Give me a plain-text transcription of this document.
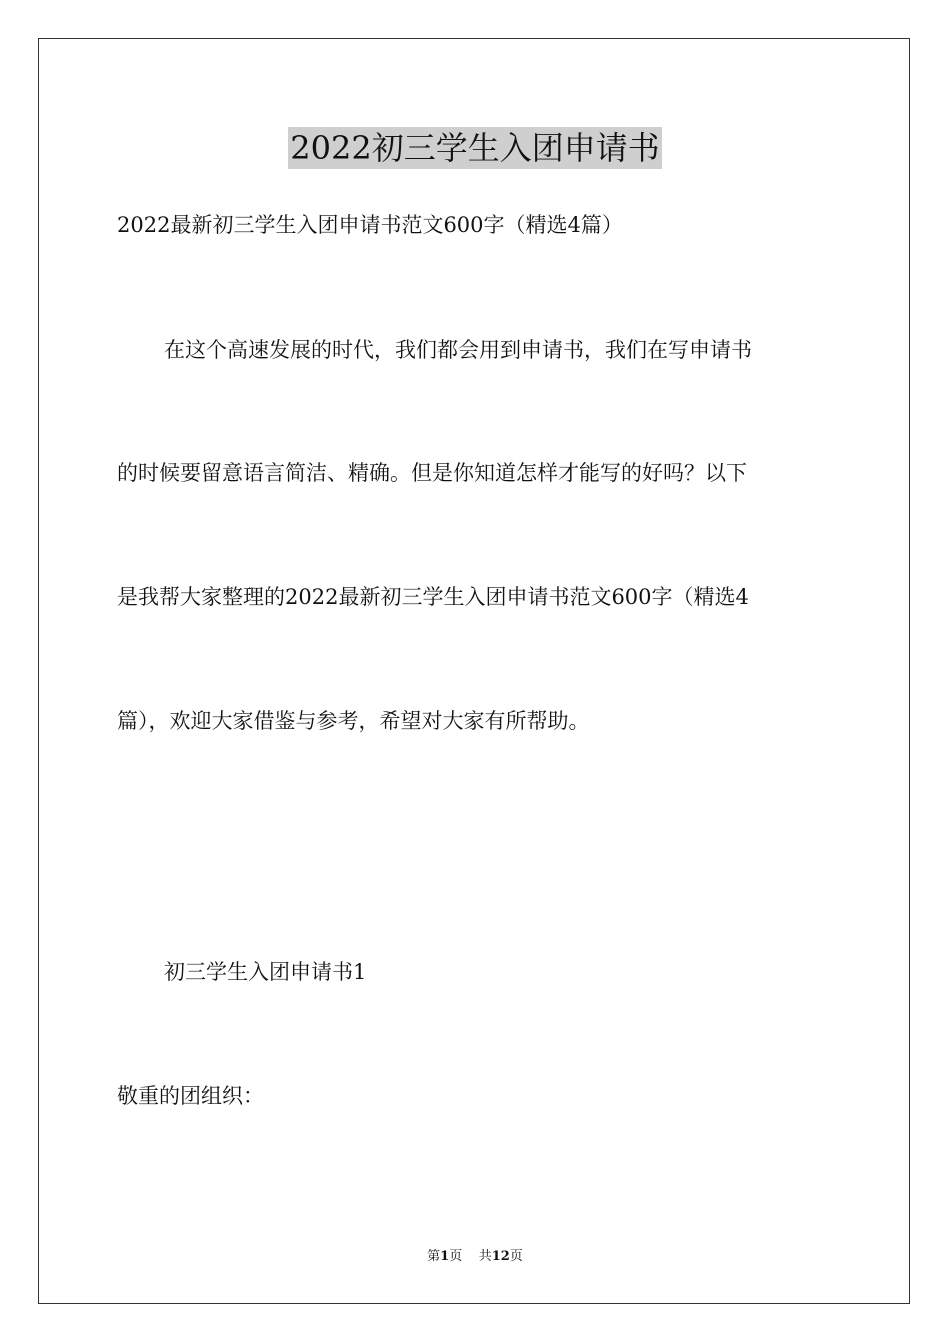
2022初三学生入团申请书
2022最新初三学生入团申请书范文600字（精选4篇）
在这个高速发展的时代，我们都会用到申请书，我们在写申请书
的时候要留意语言简洁、精确。但是你知道怎样才能写的好吗？以下
是我帮大家整理的2022最新初三学生入团申请书范文600字（精选4
篇），欢迎大家借鉴与参考，希望对大家有所帮助。
初三学生入团申请书1
敬重的团组织：
第1页 共12页
